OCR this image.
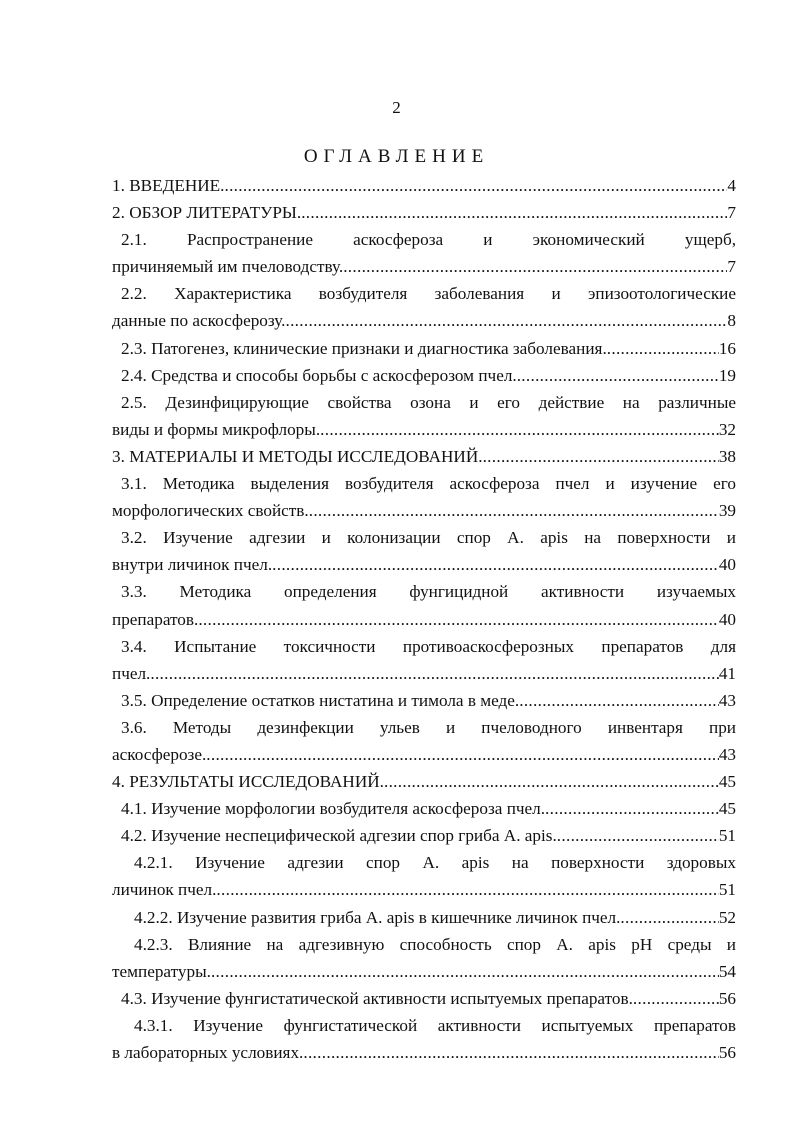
2
ОГЛАВЛЕНИЕ
1. ВВЕДЕНИЕ. .....	4
2. ОБЗОР ЛИТЕРАТУРЫ. .....	7
2.1. Распространение аскосфероза и экономический ущерб,
причиняемый им пчеловодству. .....	7
2.2. Характеристика возбудителя заболевания и эпизоотологические
данные по аскосферозу. .....	8
2.3. Патогенез, клинические признаки и диагностика заболевания. .....	16
2.4. Средства и способы борьбы с аскосферозом пчел. .....	19
2.5. Дезинфицирующие свойства озона и его действие на различные
виды и формы микрофлоры. .....	32
3. МАТЕРИАЛЫ И МЕТОДЫ ИССЛЕДОВАНИЙ. .....	38
3.1. Методика выделения возбудителя аскосфероза пчел и изучение его
морфологических свойств. .....	39
3.2. Изучение адгезии и колонизации спор A. apis на поверхности и
внутри личинок пчел. .....	40
3.3. Методика определения фунгицидной активности изучаемых
препаратов. .....	40
3.4. Испытание токсичности противоаскосферозных препаратов для
пчел. .....	41
3.5. Определение остатков нистатина и тимола в меде. .....	43
3.6. Методы дезинфекции ульев и пчеловодного инвентаря при
аскосферозе. .....	43
4. РЕЗУЛЬТАТЫ ИССЛЕДОВАНИЙ. .....	45
4.1. Изучение морфологии возбудителя аскосфероза пчел. .....	45
4.2. Изучение неспецифической адгезии спор гриба A. apis. .....	51
4.2.1. Изучение адгезии спор A. apis на поверхности здоровых
личинок пчел. .....	51
4.2.2. Изучение развития гриба A. apis в кишечнике личинок пчел. .....	52
4.2.3. Влияние на адгезивную способность спор A. apis pH среды и
температуры. .....	54
4.3. Изучение фунгистатической активности испытуемых препаратов. .....	56
4.3.1. Изучение фунгистатической активности испытуемых препаратов
в лабораторных условиях. .....	56
